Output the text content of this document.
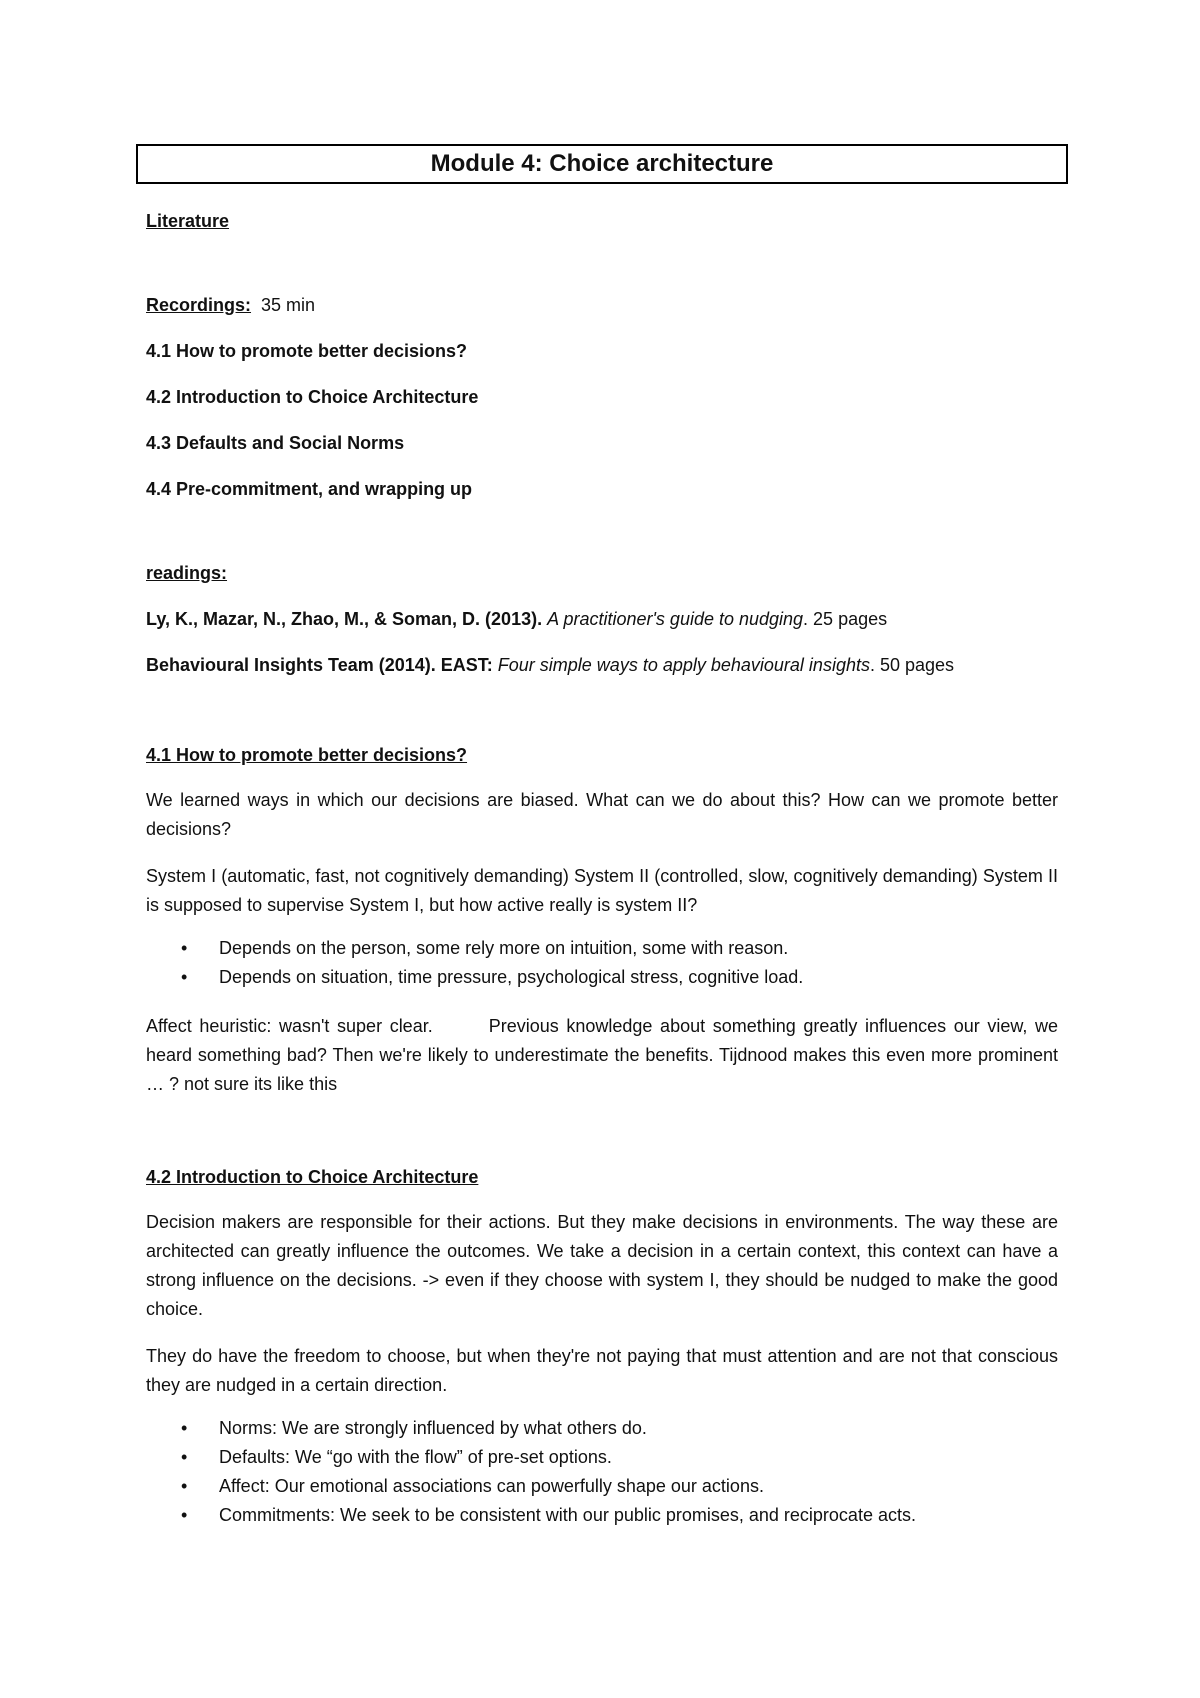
Module 4: Choice architecture
Literature
Recordings: 35 min
4.1 How to promote better decisions?
4.2 Introduction to Choice Architecture
4.3 Defaults and Social Norms
4.4 Pre-commitment, and wrapping up
readings:
Ly, K., Mazar, N., Zhao, M., & Soman, D. (2013). A practitioner's guide to nudging. 25 pages
Behavioural Insights Team (2014). EAST: Four simple ways to apply behavioural insights. 50 pages
4.1 How to promote better decisions?
We learned ways in which our decisions are biased. What can we do about this? How can we promote better decisions?
System I (automatic, fast, not cognitively demanding) System II (controlled, slow, cognitively demanding) System II is supposed to supervise System I, but how active really is system II?
• Depends on the person, some rely more on intuition, some with reason.
• Depends on situation, time pressure, psychological stress, cognitive load.
Affect heuristic: wasn't super clear.	Previous knowledge about something greatly influences our view, we heard something bad? Then we're likely to underestimate the benefits. Tijdnood makes this even more prominent … ? not sure its like this
4.2 Introduction to Choice Architecture
Decision makers are responsible for their actions. But they make decisions in environments. The way these are architected can greatly influence the outcomes. We take a decision in a certain context, this context can have a strong influence on the decisions. -> even if they choose with system I, they should be nudged to make the good choice.
They do have the freedom to choose, but when they're not paying that must attention and are not that conscious they are nudged in a certain direction.
• Norms: We are strongly influenced by what others do.
• Defaults: We “go with the flow” of pre-set options.
• Affect: Our emotional associations can powerfully shape our actions.
• Commitments: We seek to be consistent with our public promises, and reciprocate acts.
